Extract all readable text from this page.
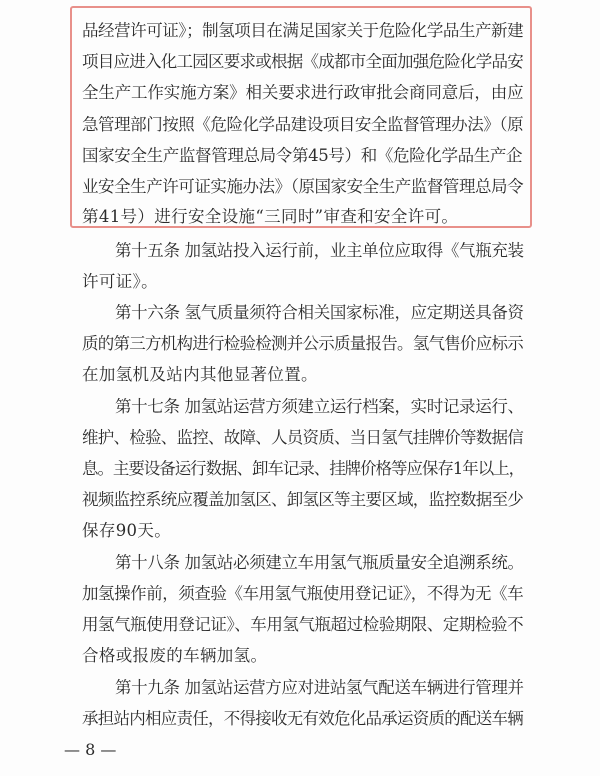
品经营许可证》；制氢项目在满足国家关于危险化学品生产新建
项目应进入化工园区要求或根据《成都市全面加强危险化学品安
全生产工作实施方案》相关要求进行政审批会商同意后，由应
急管理部门按照《危险化学品建设项目安全监督管理办法》（原
国家安全生产监督管理总局令第45号）和《危险化学品生产企
业安全生产许可证实施办法》（原国家安全生产监督管理总局令
第41号）进行安全设施“三同时”审查和安全许可。
第十五条 加氢站投入运行前，业主单位应取得《气瓶充装
许可证》。
第十六条 氢气质量须符合相关国家标准，应定期送具备资
质的第三方机构进行检验检测并公示质量报告。氢气售价应标示
在加氢机及站内其他显著位置。
第十七条 加氢站运营方须建立运行档案，实时记录运行、
维护、检验、监控、故障、人员资质、当日氢气挂牌价等数据信
息。主要设备运行数据、卸车记录、挂牌价格等应保存1年以上，
视频监控系统应覆盖加氢区、卸氢区等主要区域，监控数据至少
保存90天。
第十八条 加氢站必须建立车用氢气瓶质量安全追溯系统。
加氢操作前，须查验《车用氢气瓶使用登记证》，不得为无《车
用氢气瓶使用登记证》、车用氢气瓶超过检验期限、定期检验不
合格或报废的车辆加氢。
第十九条 加氢站运营方应对进站氢气配送车辆进行管理并
承担站内相应责任，不得接收无有效危化品承运资质的配送车辆
— 8 —
